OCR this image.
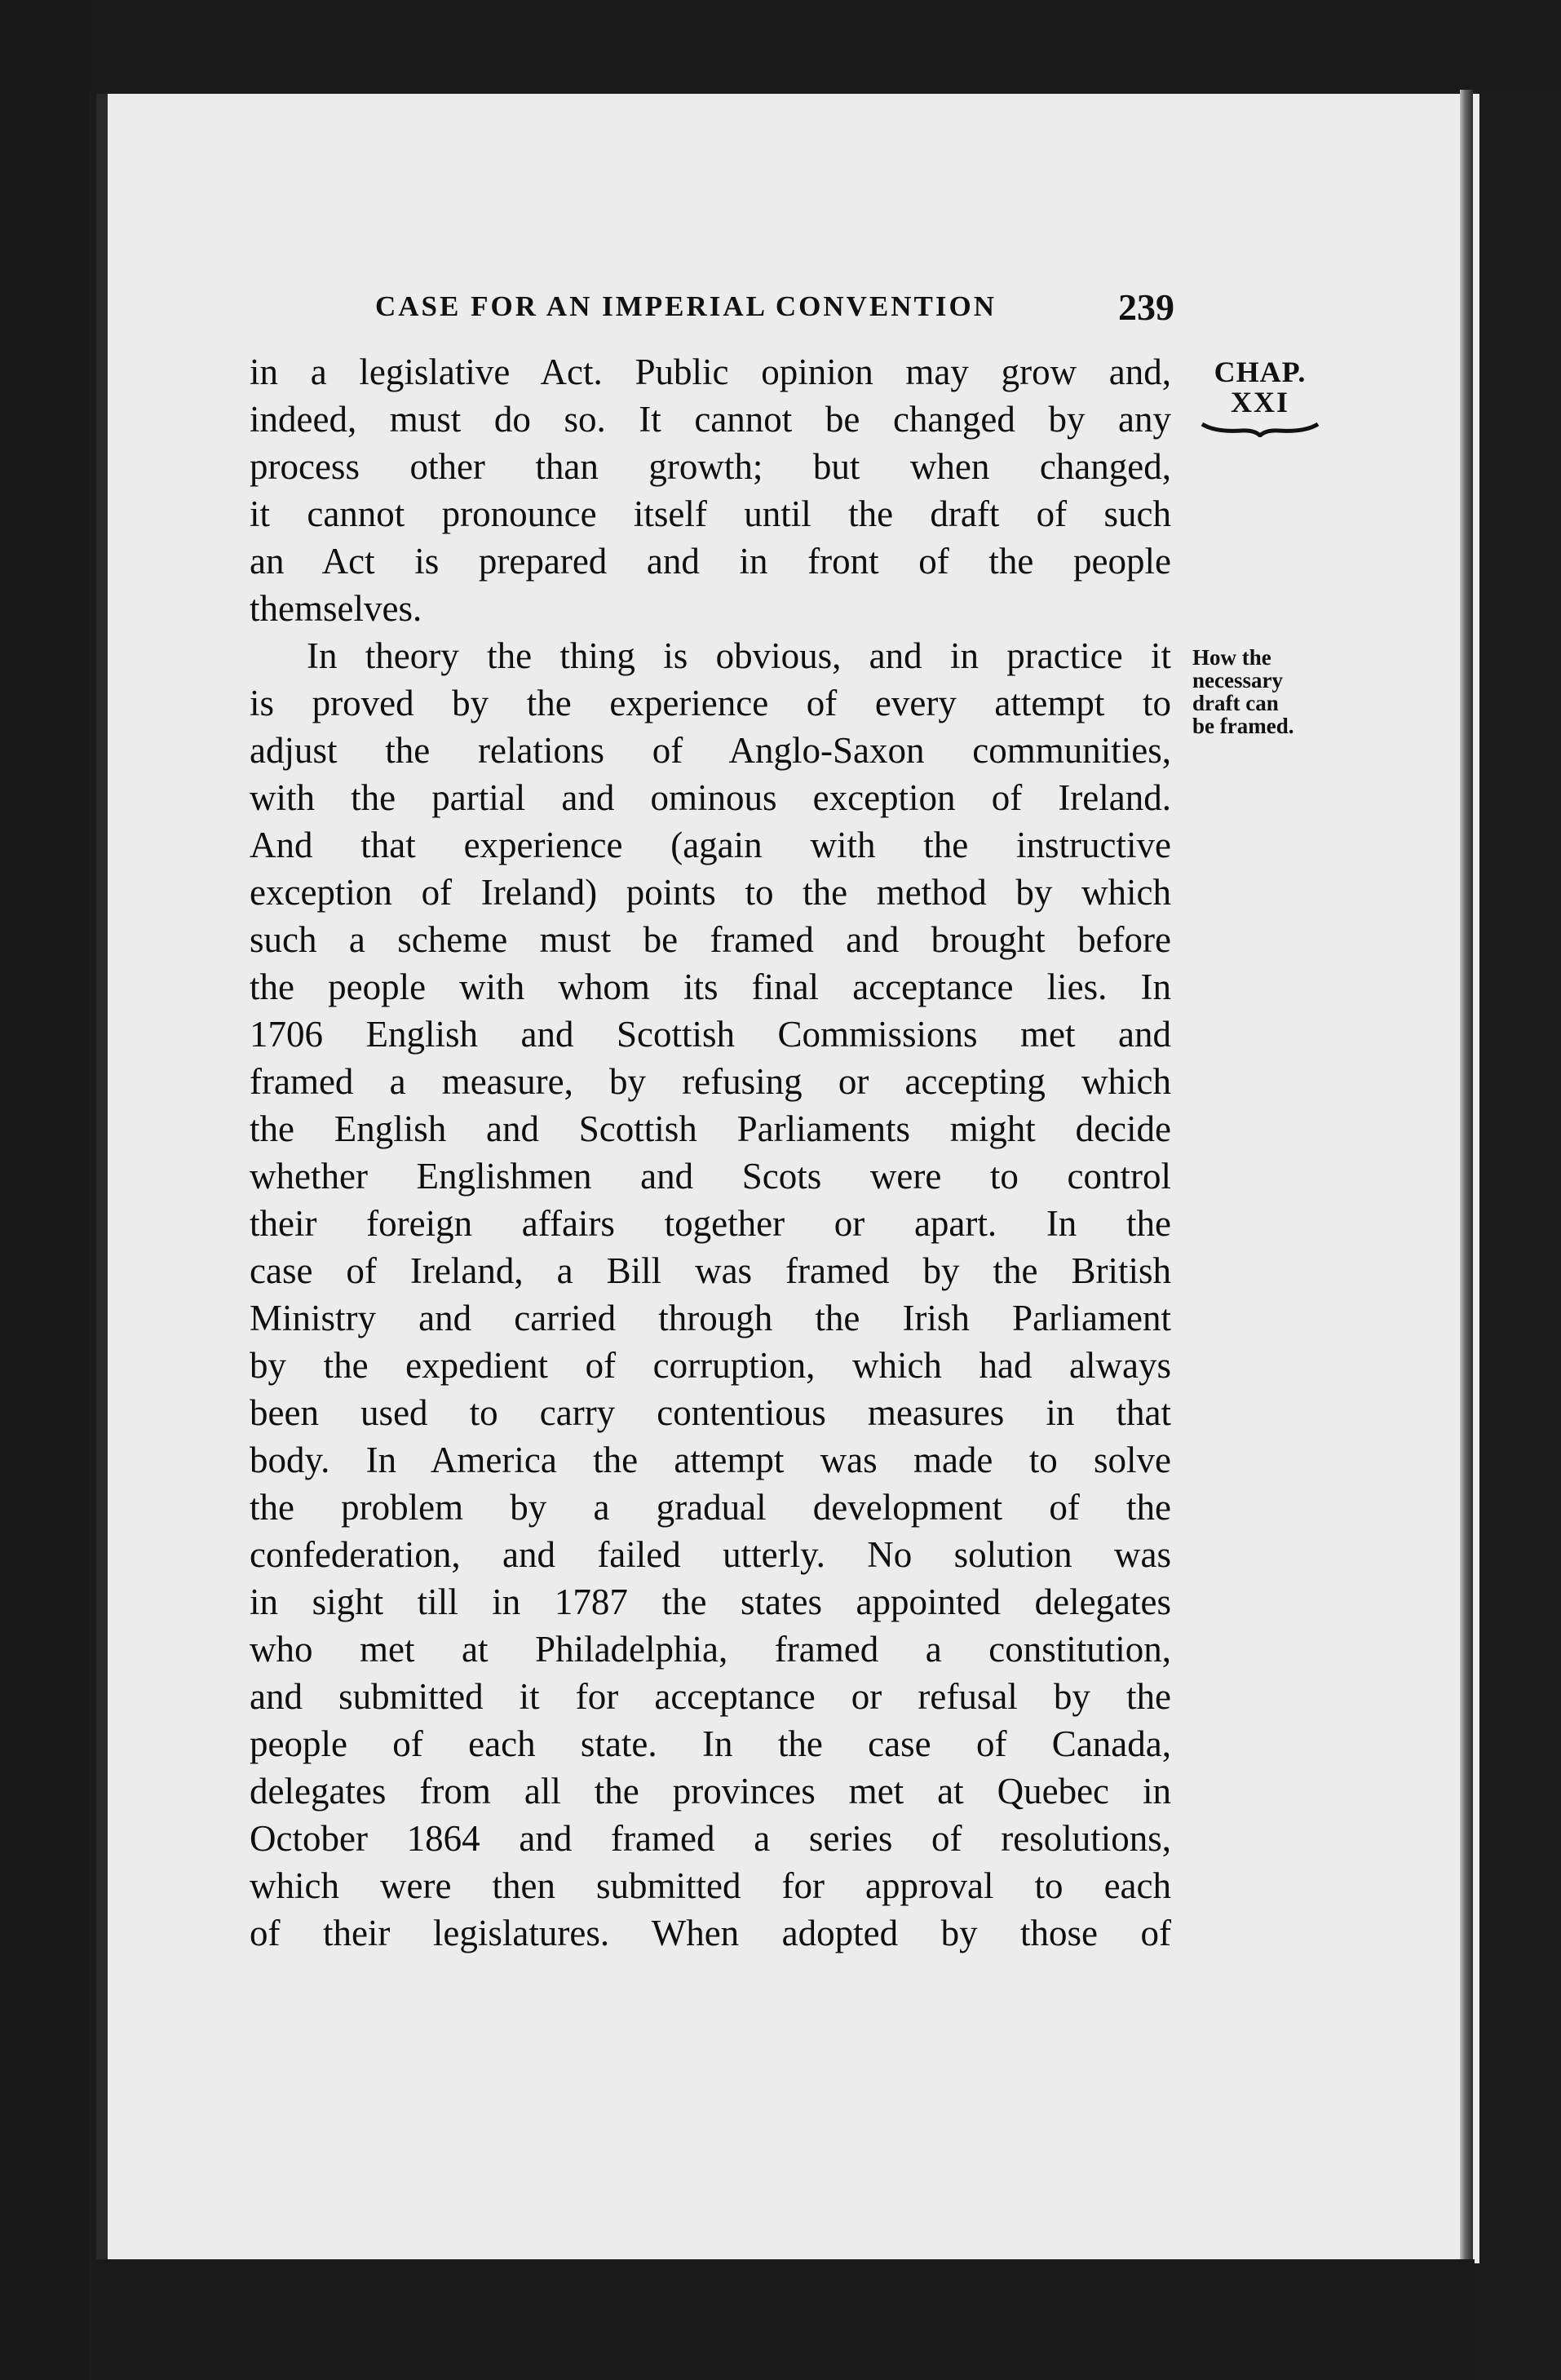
CASE FOR AN IMPERIAL CONVENTION	239
CHAP.
XXI
How the
necessary
draft can
be framed.
in a legislative Act. Public opinion may grow and,
indeed, must do so. It cannot be changed by any
process other than growth; but when changed,
it cannot pronounce itself until the draft of such
an Act is prepared and in front of the people
themselves.
In theory the thing is obvious, and in practice it
is proved by the experience of every attempt to
adjust the relations of Anglo-Saxon communities,
with the partial and ominous exception of Ireland.
And that experience (again with the instructive
exception of Ireland) points to the method by which
such a scheme must be framed and brought before
the people with whom its final acceptance lies. In
1706 English and Scottish Commissions met and
framed a measure, by refusing or accepting which
the English and Scottish Parliaments might decide
whether Englishmen and Scots were to control
their foreign affairs together or apart. In the
case of Ireland, a Bill was framed by the British
Ministry and carried through the Irish Parliament
by the expedient of corruption, which had always
been used to carry contentious measures in that
body. In America the attempt was made to solve
the problem by a gradual development of the
confederation, and failed utterly. No solution was
in sight till in 1787 the states appointed delegates
who met at Philadelphia, framed a constitution,
and submitted it for acceptance or refusal by the
people of each state. In the case of Canada,
delegates from all the provinces met at Quebec in
October 1864 and framed a series of resolutions,
which were then submitted for approval to each
of their legislatures. When adopted by those of
